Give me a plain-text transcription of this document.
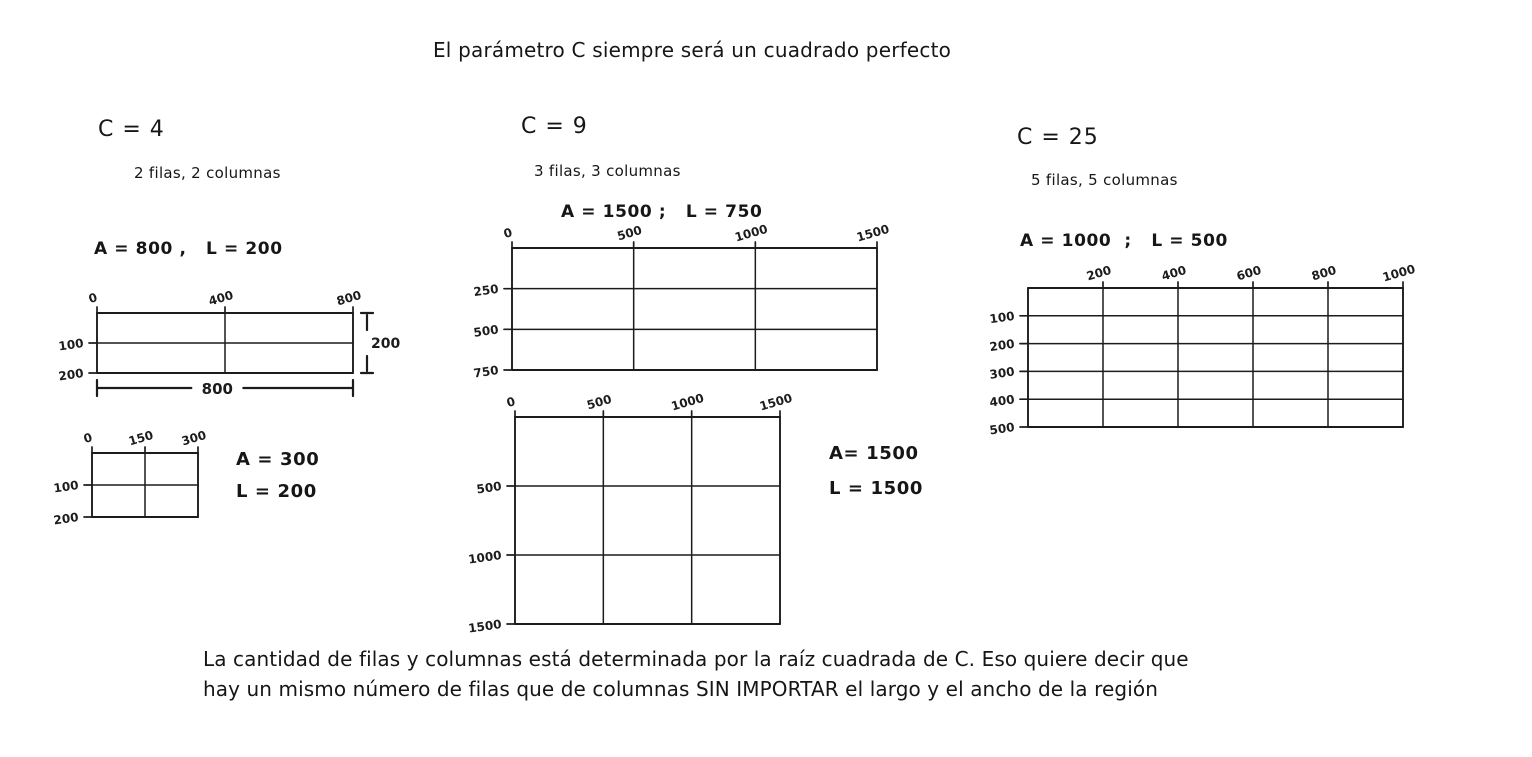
El parámetro C siempre será un cuadrado perfecto
C = 4
2 filas, 2 columnas
A = 800 ,   L = 200
C = 9
3 filas, 3 columnas
A = 1500 ;   L = 750
C = 25
5 filas, 5 columnas
A = 1000  ;   L = 500
0	400	800
100
200
800
200
0	150 300
100
200
0	500	1000	1500
250
500
750
0	500	1000	1500
500
1000
1500
200	400	600	800	1000
100
200
300
400
500
A = 300
L = 200
A= 1500
L = 1500
La cantidad de filas y columnas está determinada por la raíz cuadrada de C. Eso quiere decir que
hay un mismo número de filas que de columnas SIN IMPORTAR el largo y el ancho de la región
